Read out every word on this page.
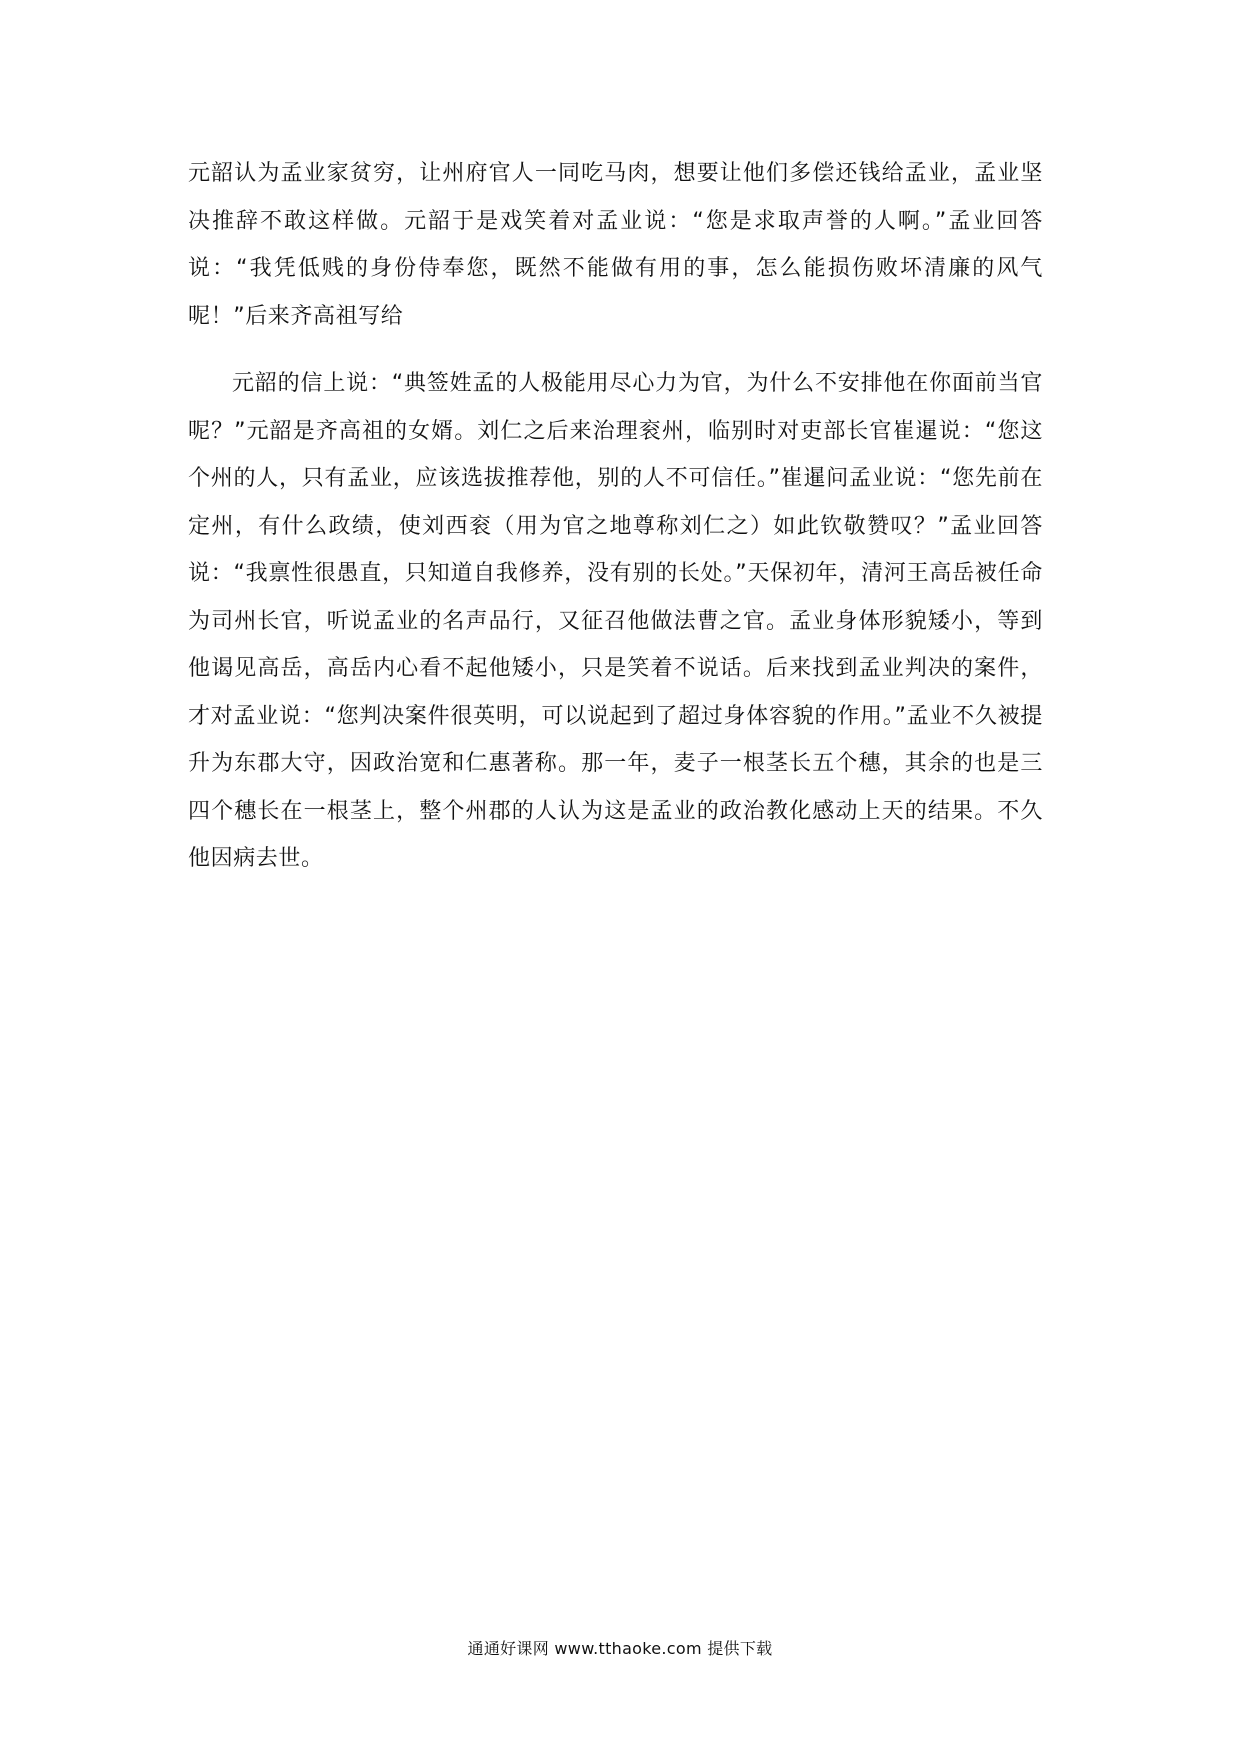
元韶认为孟业家贫穷，让州府官人一同吃马肉，想要让他们多偿还钱给孟业，孟业坚决推辞不敢这样做。元韶于是戏笑着对孟业说：“您是求取声誉的人啊。”孟业回答说：“我凭低贱的身份侍奉您，既然不能做有用的事，怎么能损伤败坏清廉的风气呢！”后来齐高祖写给

元韶的信上说：“典签姓孟的人极能用尽心力为官，为什么不安排他在你面前当官呢？”元韶是齐高祖的女婿。刘仁之后来治理衮州，临别时对吏部长官崔暹说：“您这个州的人，只有孟业，应该选拔推荐他，别的人不可信任。”崔暹问孟业说：“您先前在定州，有什么政绩，使刘西衮（用为官之地尊称刘仁之）如此钦敬赞叹？”孟业回答说：“我禀性很愚直，只知道自我修养，没有别的长处。”天保初年，清河王高岳被任命为司州长官，听说孟业的名声品行，又征召他做法曹之官。孟业身体形貌矮小，等到他谒见高岳，高岳内心看不起他矮小，只是笑着不说话。后来找到孟业判决的案件，才对孟业说：“您判决案件很英明，可以说起到了超过身体容貌的作用。”孟业不久被提升为东郡大守，因政治宽和仁惠著称。那一年，麦子一根茎长五个穗，其余的也是三四个穗长在一根茎上，整个州郡的人认为这是孟业的政治教化感动上天的结果。不久他因病去世。

通通好课网 www.tthaoke.com 提供下载
